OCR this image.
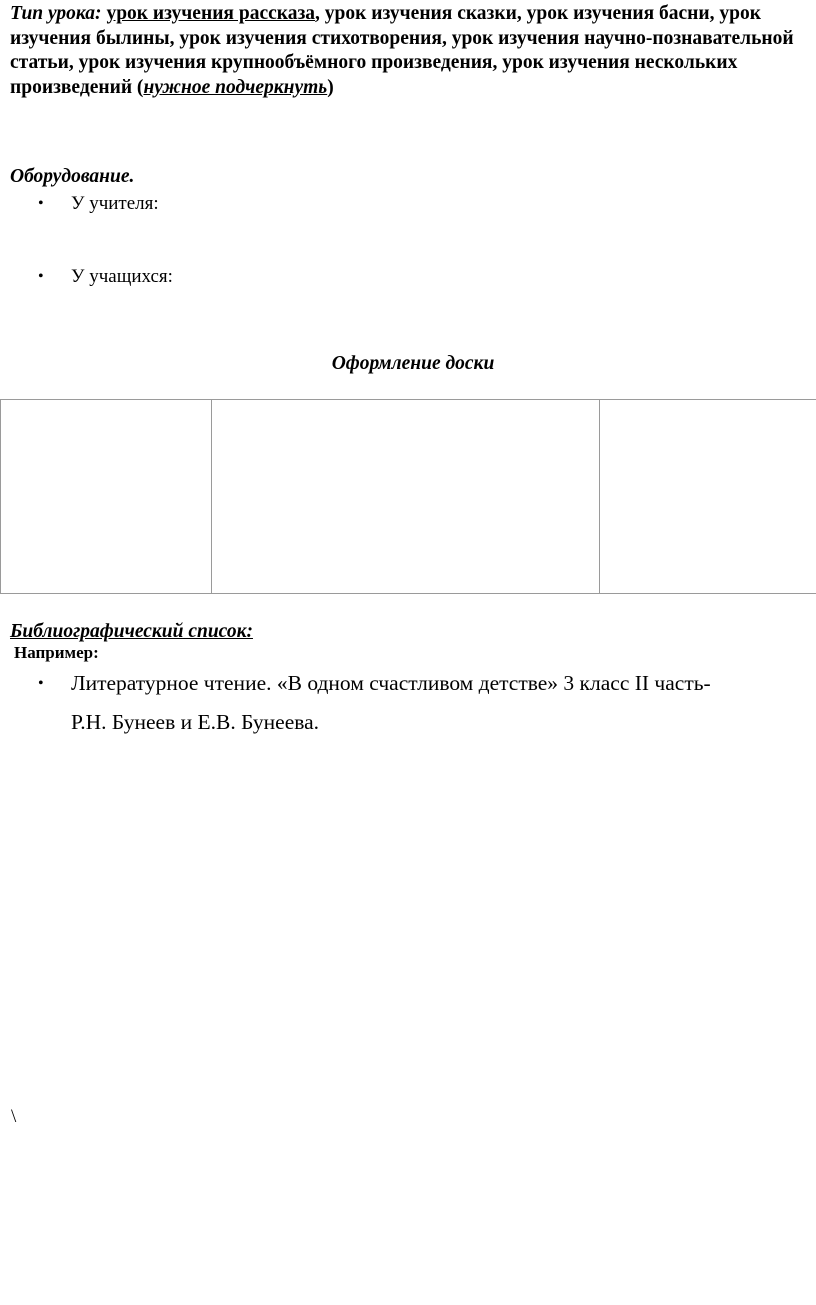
Тип урока: урок изучения рассказа, урок изучения сказки, урок изучения басни, урок изучения былины, урок изучения стихотворения, урок изучения научно-познавательной статьи, урок изучения крупнообъёмного произведения, урок изучения нескольких произведений (нужное подчеркнуть)

Оборудование.

• У учителя:

• У учащихся:

Оформление доски

Библиографический список:

Например:

•	Литературное чтение. «В одном счастливом детстве» 3 класс II часть-
Р.Н. Бунеев и Е.В. Бунеева.

\
